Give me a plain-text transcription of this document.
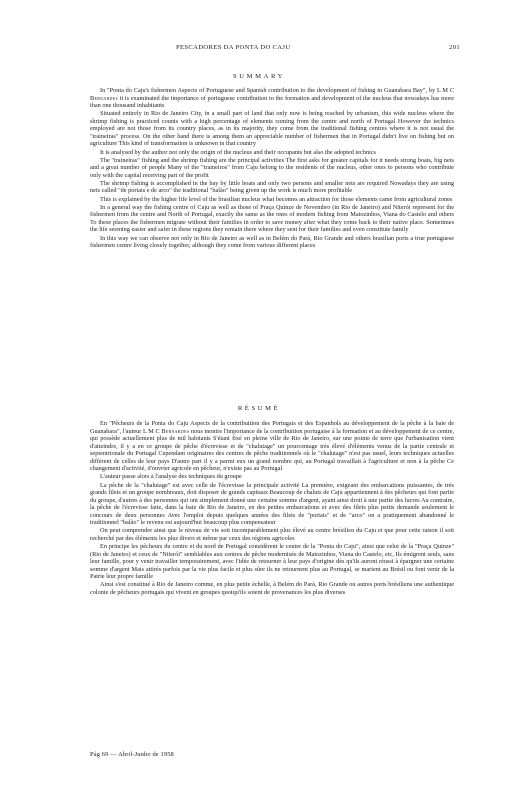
PESCADORES DA PONTA DO CAJU	201
SUMMARY

In "Ponta do Caju's fishermen Aspects of Portuguese and Spanish contribution to the development of fishing in Guanabara Bay", by L M C Bernardes it is examinated the importance of portuguese contribution to the formation and development of the nucleus that nowadays has more than one thousand inhabitants

Situated entirely in Rio de Janeiro City, in a small part of land that only now is being reached by urbanism, this wide nucleus where the shrimp fishing is practiced counts with a high percentage of elements coming from the centre and north of Portugal However the technics employed are not those from its country places, as in its majority, they come from the traditional fishing centres where it is not usual the "traineiras" process. On the other hand there is among them an appreciable number of fishermen that in Portugal didn't live on fishing but on agriculture This kind of transformation is unknown in that country

It is analysed by the author not only the origin of the nucleus and their occupants but also the adopted technics

The "traineiras" fishing and the shrimp fishing are the principal activities The first asks for greater capitals for it needs strong boats, big nets and a great number of people Many of the "traineiros" from Caju belong to the residents of the nucleus, other ones to persons who contribute only with the capital receiving part of the profit

The shrimp fishing is accomplished in the bay by little boats and only two persons and smaller nets are required Nowadays they are using nets called "de portais e de arco" the traditional "balão" being given up the work is much more profitable

This is explained by the higher life level of the brasilian nucleus what becomes an attraction for those elements came from agricultural zones

In a general way the fishing centre of Caju as well as those of Praça Quinze de Novembro (in Rio de Janeiro) and Niterói represent for the fishermen from the centre and North of Portugal, exactly the same as the ones of modern fishing from Matozinhos, Viana do Castelo and others To these places the fishermen migrate without their families in order to save money after what they come back to their native place. Sometimes the life seeming easier and safer in these regions they remain there where they sent for their families and even constitute family

In this way we can observe not only in Rio de Janeiro as well as in Belém do Pará, Rio Grande and others brasilian ports a true portuguese fishermen centre living closely together, although they come from various different places

RÉSUMÉ

En "Pêcheurs de la Ponta do Caju Aspects de la contribuition des Portugais et des Espanhols au développement de la pêche à la baie de Guanabara", l'auteur L M C Bernardes nous montre l'importance de la contribuition portugaise à la formation et au développement de ce centre, qui possède actuellement plus de mil habitants S'étant fixé en pleine ville de Rio de Janeiro, sur une pointe de terre que l'urbanisation vient d'atteindre, il y a en ce groupe de pêche d'écrevisse et de "chalutage" un pourcentage très élevé d'éléments venus de la partie centrale et septentrionale du Portugal Cependant originaires des centres de pêche traditionnels où le "chalutage" n'est pas usuel, leurs techniques actuelles diffèrent de celles de leur pays D'autre part il y a parmi eux un grand nombre qui, au Portugal travaillait à l'agriculture et non à la pêche Ce changement d'activité, d'ouvrier agricole en pêcheur, n'existe pas au Portugal

L'auteur passe alors à l'analyse des techniques du groupe

La pêche de la "chalutage" est avec celle de l'écrevisse la principale activité La première, exigeant des embarcations puissantes, de très grands filets et un groupe nombreaux, doit disposer de grands capitaux Beaucoup de chaluts de Caju appartiennent à des pêcheurs qui font partie du groupe, d'autres à des personnes qui ont simplement donné une certaine somme d'argent, ayant ainsi droit à une partie des lucres Au contraire, la pêche de l'écrevisse faite, dans la baie de Rio de Janeiro, en des petites embarcations et avec des filets plus petits demande seulement le concours de deux personnes Avec l'emploi depuis quelques années des filets de "portais" et de "arco" on a pratiquement abandonné le traditionnel "balão" le revenu est aujourd'hui beaucoup plus compensateur

On peut comprendre ainsi que le niveau de vie soit incomparablement plus élevé au centre brésilien du Caju et que pour cette raison il soit recherché par des éléments les plus divers et même par ceux des régions agricoles

En principe les pêcheurs du centre et du nord de Portugal considèrent le centre de la "Ponta do Caju", ainsi que celui de la "Praça Quinze" (Rio de Janeiro) et ceux de "Niterói" semblables aux centres de pêche modernisée de Matozinhos, Viana do Castelo, etc, Ils émigrent seuls, sans leur famille, pour y venir travailler temporairement, avec l'idée de retourner à leur pays d'origine dès qu'ils auront réussi à épargner une certaine somme d'argent Mais attirés parfois par la vie plus facile et plus sûre ils ne retournent plus au Portugal, se marient au Brésil ou font venir de la Patrie leur propre famille

Ainsi s'est constitué à Rio de Janeiro comme, en plus petite échelle, à Belém do Pará, Rio Grande ou autres ports brésiliens une authentique colonie de pêcheurs portugais qui vivent en groupes quoiqu'ils soient de provenances les plus diverses

Pág 69 — Abril-Junho de 1958
